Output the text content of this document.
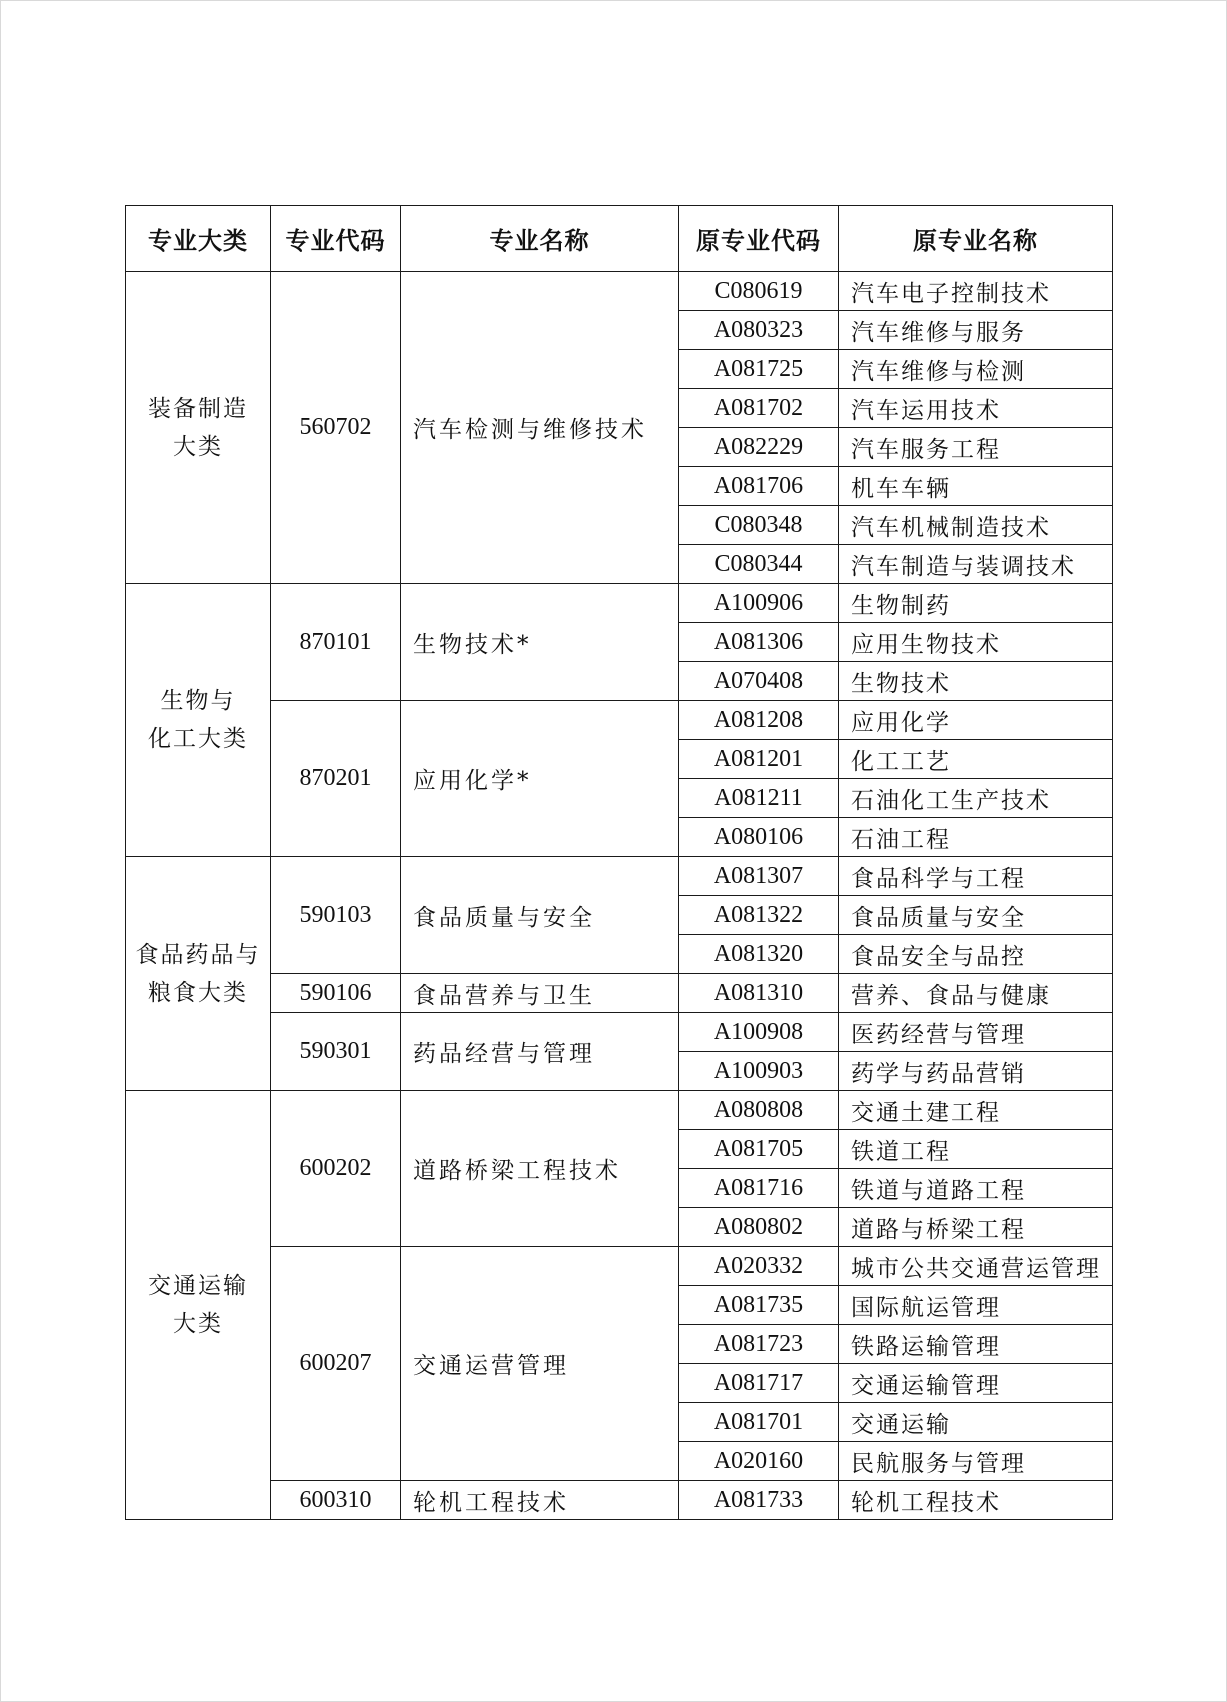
专业大类	专业代码	专业名称	原专业代码	原专业名称

装备制造
大类	560702	汽车检测与维修技术	C080619	汽车电子控制技术
			A080323	汽车维修与服务
			A081725	汽车维修与检测
			A081702	汽车运用技术
			A082229	汽车服务工程
			A081706	机车车辆
			C080348	汽车机械制造技术
			C080344	汽车制造与装调技术

生物与
化工大类	870101	生物技术*	A100906	生物制药
			A081306	应用生物技术
			A070408	生物技术
	870201	应用化学*	A081208	应用化学
			A081201	化工工艺
			A081211	石油化工生产技术
			A080106	石油工程

食品药品与
粮食大类	590103	食品质量与安全	A081307	食品科学与工程
			A081322	食品质量与安全
			A081320	食品安全与品控
	590106	食品营养与卫生	A081310	营养、食品与健康
	590301	药品经营与管理	A100908	医药经营与管理
			A100903	药学与药品营销

交通运输
大类	600202	道路桥梁工程技术	A080808	交通土建工程
			A081705	铁道工程
			A081716	铁道与道路工程
			A080802	道路与桥梁工程
	600207	交通运营管理	A020332	城市公共交通营运管理
			A081735	国际航运管理
			A081723	铁路运输管理
			A081717	交通运输管理
			A081701	交通运输
			A020160	民航服务与管理
	600310	轮机工程技术	A081733	轮机工程技术
